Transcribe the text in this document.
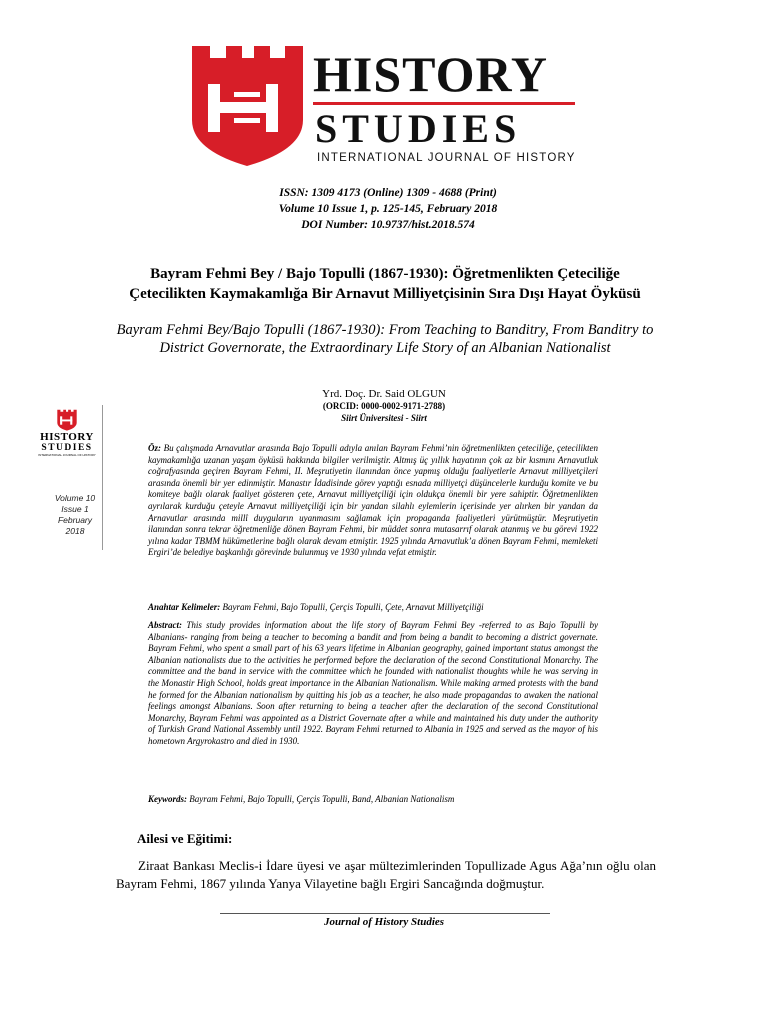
HISTORY
STUDIES
INTERNATIONAL JOURNAL OF HISTORY
ISSN: 1309 4173 (Online) 1309 - 4688 (Print)
Volume 10 Issue 1, p. 125-145, February 2018
DOI Number: 10.9737/hist.2018.574
Bayram Fehmi Bey / Bajo Topulli (1867-1930): Öğretmenlikten Çeteciliğe Çetecilikten Kaymakamlığa Bir Arnavut Milliyetçisinin Sıra Dışı Hayat Öyküsü
Bayram Fehmi Bey/Bajo Topulli (1867-1930): From Teaching to Banditry, From Banditry to District Governorate, the Extraordinary Life Story of an Albanian Nationalist
Yrd. Doç. Dr. Said OLGUN
(ORCID: 0000-0002-9171-2788)
Siirt Üniversitesi - Siirt
HISTORY
STUDIES
INTERNATIONAL JOURNAL OF HISTORY
Volume 10
Issue 1
February
2018
Öz: Bu çalışmada Arnavutlar arasında Bajo Topulli adıyla anılan Bayram Fehmi’nin öğretmenlikten çeteciliğe, çetecilikten kaymakamlığa uzanan yaşam öyküsü hakkında bilgiler verilmiştir. Altmış üç yıllık hayatının çok az bir kısmını Arnavutluk coğrafyasında geçiren Bayram Fehmi, II. Meşrutiyetin ilanından önce yapmış olduğu faaliyetlerle Arnavut milliyetçileri arasında önemli bir yer edinmiştir. Manastır İdadisinde görev yaptığı esnada milliyetçi düşüncelerle kurduğu komite ve bu komiteye bağlı olarak faaliyet gösteren çete, Arnavut milliyetçiliği için oldukça önemli bir yere sahiptir. Öğretmenlikten ayrılarak kurduğu çeteyle Arnavut milliyetçiliği için bir yandan silahlı eylemlerin içerisinde yer alırken bir yandan da Arnavutlar arasında millî duyguların uyanmasını sağlamak için propaganda faaliyetleri yürütmüştür. Meşrutiyetin ilanından sonra tekrar öğretmenliğe dönen Bayram Fehmi, bir müddet sonra mutasarrıf olarak atanmış ve bu görevi 1922 yılına kadar TBMM hükümetlerine bağlı olarak devam etmiştir. 1925 yılında Arnavutluk’a dönen Bayram Fehmi, memleketi Ergiri’de belediye başkanlığı görevinde bulunmuş ve 1930 yılında vefat etmiştir.
Anahtar Kelimeler: Bayram Fehmi, Bajo Topulli, Çerçis Topulli, Çete, Arnavut Milliyetçiliği
Abstract: This study provides information about the life story of Bayram Fehmi Bey -referred to as Bajo Topulli by Albanians- ranging from being a teacher to becoming a bandit and from being a bandit to becoming a district governate. Bayram Fehmi, who spent a small part of his 63 years lifetime in Albanian geography, gained important status amongst the Albanian nationalists due to the activities he performed before the declaration of the second Constitutional Monarchy. The committee and the band in service with the committee which he founded with nationalist thoughts while he was serving in the Monastir High School, holds great importance in the Albanian Nationalism. While making armed protests with the band he formed for the Albanian nationalism by quitting his job as a teacher, he also made propagandas to awaken the national feelings amongst Albanians. Soon after returning to being a teacher after the declaration of the second Constitutional Monarchy, Bayram Fehmi was appointed as a District Governate after a while and maintained his duty under the authority of Turkish Grand National Assembly until 1922. Bayram Fehmi returned to Albania in 1925 and served as the mayor of his hometown Argyrokastro and died in 1930.
Keywords: Bayram Fehmi, Bajo Topulli, Çerçis Topulli, Band, Albanian Nationalism
Ailesi ve Eğitimi:
Ziraat Bankası Meclis-i İdare üyesi ve aşar mültezimlerinden Topullizade Agus Ağa’nın oğlu olan Bayram Fehmi, 1867 yılında Yanya Vilayetine bağlı Ergiri Sancağında doğmuştur.
Journal of History Studies
